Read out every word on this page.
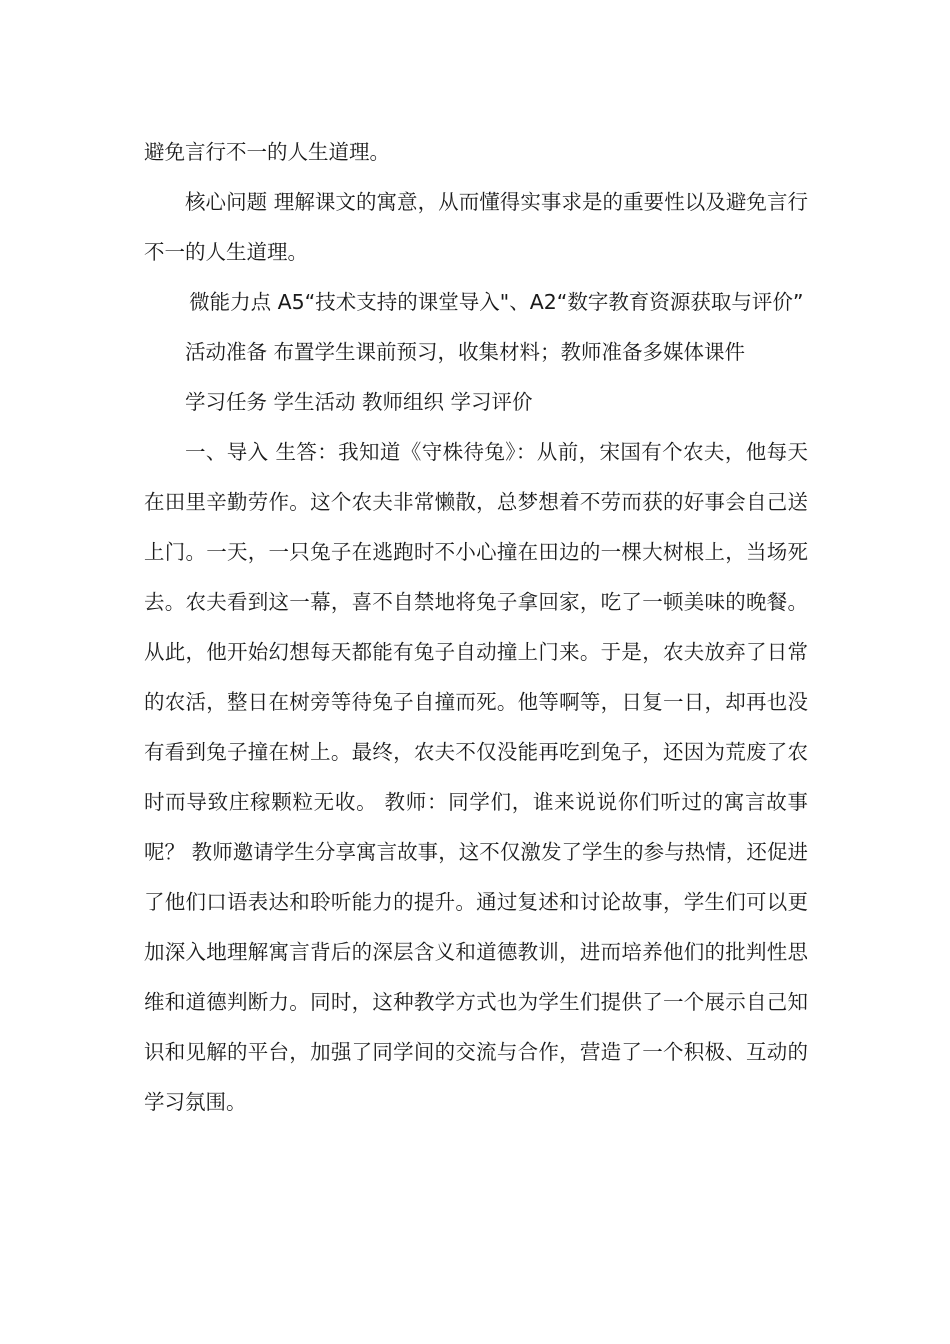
避免言行不一的人生道理。

核心问题 理解课文的寓意，从而懂得实事求是的重要性以及避免言行不一的人生道理。

微能力点 A5“技术支持的课堂导入"、A2“数字教育资源获取与评价”

活动准备 布置学生课前预习，收集材料；教师准备多媒体课件

学习任务 学生活动 教师组织 学习评价

一、导入 生答：我知道《守株待兔》：从前，宋国有个农夫，他每天在田里辛勤劳作。这个农夫非常懒散，总梦想着不劳而获的好事会自己送上门。一天，一只兔子在逃跑时不小心撞在田边的一棵大树根上，当场死去。农夫看到这一幕，喜不自禁地将兔子拿回家，吃了一顿美味的晚餐。从此，他开始幻想每天都能有兔子自动撞上门来。于是，农夫放弃了日常的农活，整日在树旁等待兔子自撞而死。他等啊等，日复一日，却再也没有看到兔子撞在树上。最终，农夫不仅没能再吃到兔子，还因为荒废了农时而导致庄稼颗粒无收。 教师：同学们，谁来说说你们听过的寓言故事呢？ 教师邀请学生分享寓言故事，这不仅激发了学生的参与热情，还促进了他们口语表达和聆听能力的提升。通过复述和讨论故事，学生们可以更加深入地理解寓言背后的深层含义和道德教训，进而培养他们的批判性思维和道德判断力。同时，这种教学方式也为学生们提供了一个展示自己知识和见解的平台，加强了同学间的交流与合作，营造了一个积极、互动的学习氛围。
